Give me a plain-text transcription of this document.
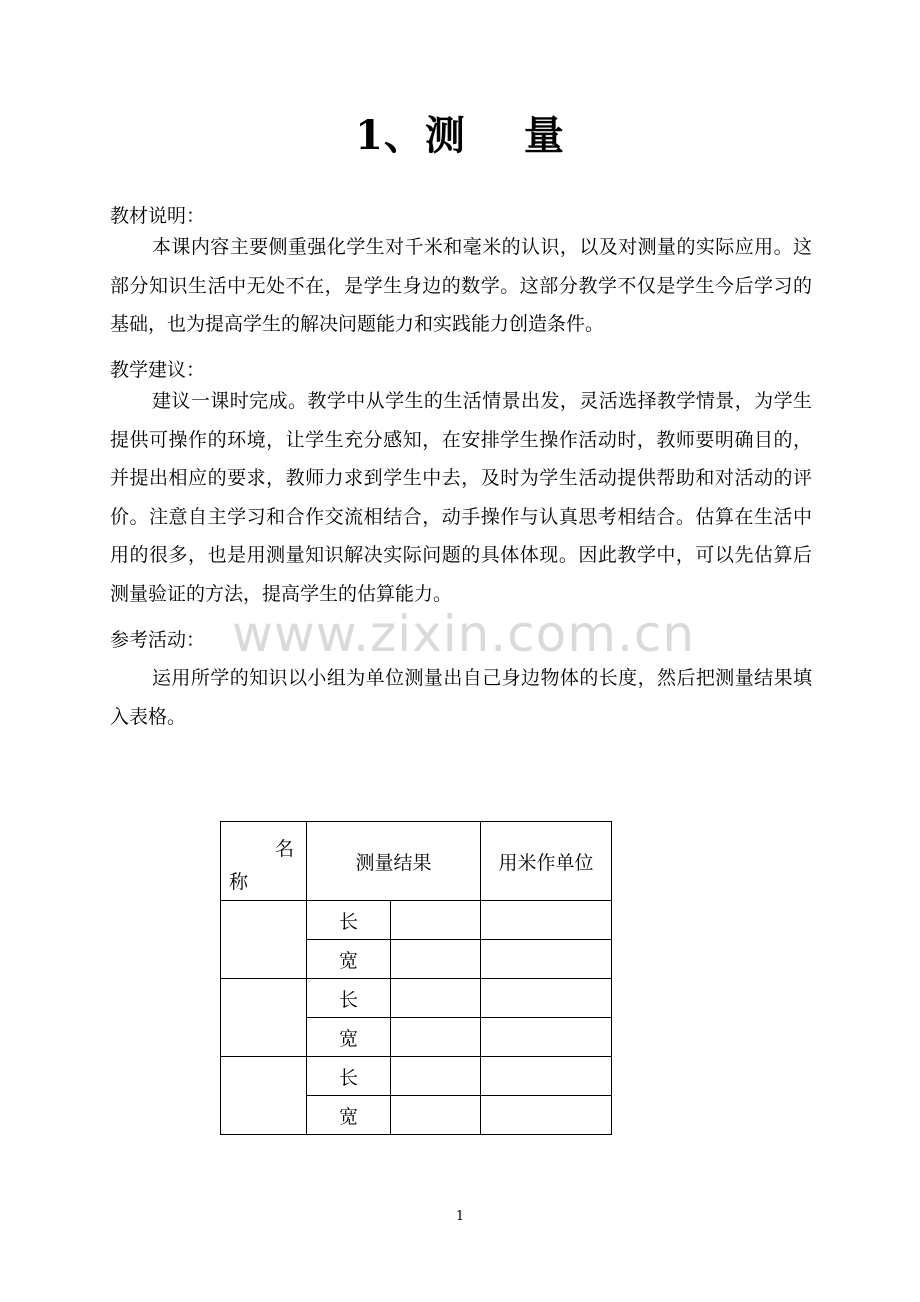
1、测 量
教材说明：

本课内容主要侧重强化学生对千米和毫米的认识，以及对测量的实际应用。这部分知识生活中无处不在，是学生身边的数学。这部分教学不仅是学生今后学习的基础，也为提高学生的解决问题能力和实践能力创造条件。

教学建议：

建议一课时完成。教学中从学生的生活情景出发，灵活选择教学情景，为学生提供可操作的环境，让学生充分感知，在安排学生操作活动时，教师要明确目的，并提出相应的要求，教师力求到学生中去，及时为学生活动提供帮助和对活动的评价。注意自主学习和合作交流相结合，动手操作与认真思考相结合。估算在生活中用的很多，也是用测量知识解决实际问题的具体体现。因此教学中，可以先估算后测量验证的方法，提高学生的估算能力。

www.zixin.com.cn
参考活动：

运用所学的知识以小组为单位测量出自己身边物体的长度，然后把测量结果填入表格。

名
称	测量结果		用米作单位
	长		
	宽		
	长		
	宽		
	长		
	宽		
1
